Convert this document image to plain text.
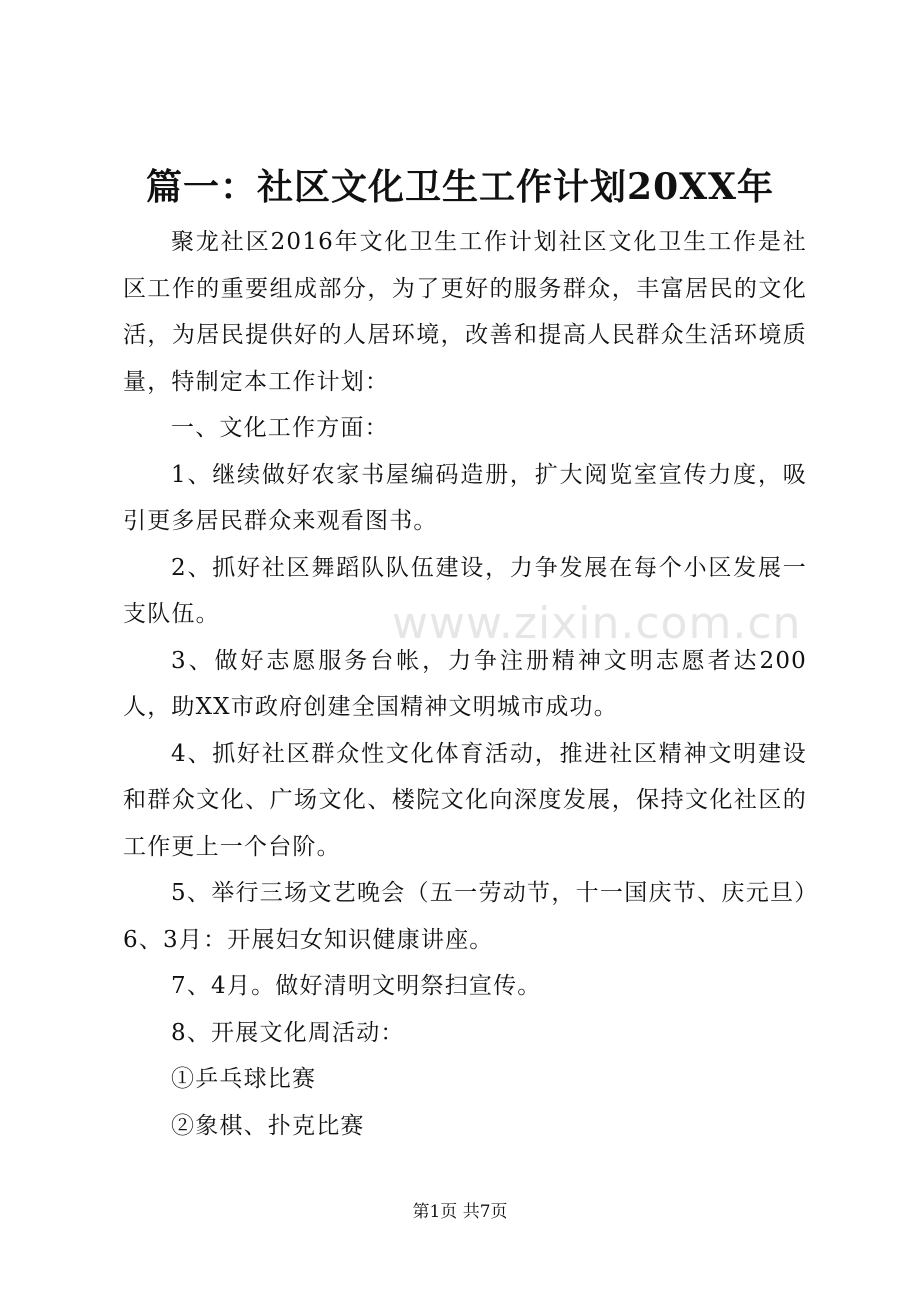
篇一：社区文化卫生工作计划20XX年

聚龙社区2016年文化卫生工作计划社区文化卫生工作是社区工作的重要组成部分，为了更好的服务群众，丰富居民的文化活，为居民提供好的人居环境，改善和提高人民群众生活环境质量，特制定本工作计划：

一、文化工作方面：

1、继续做好农家书屋编码造册，扩大阅览室宣传力度，吸引更多居民群众来观看图书。

2、抓好社区舞蹈队队伍建设，力争发展在每个小区发展一支队伍。

3、做好志愿服务台帐，力争注册精神文明志愿者达200人，助XX市政府创建全国精神文明城市成功。

4、抓好社区群众性文化体育活动，推进社区精神文明建设和群众文化、广场文化、楼院文化向深度发展，保持文化社区的工作更上一个台阶。

5、举行三场文艺晚会（五一劳动节，十一国庆节、庆元旦）6、3月：开展妇女知识健康讲座。

7、4月。做好清明文明祭扫宣传。

8、开展文化周活动：

①乒乓球比赛

②象棋、扑克比赛

www.zixin.com.cn
第1页 共7页
